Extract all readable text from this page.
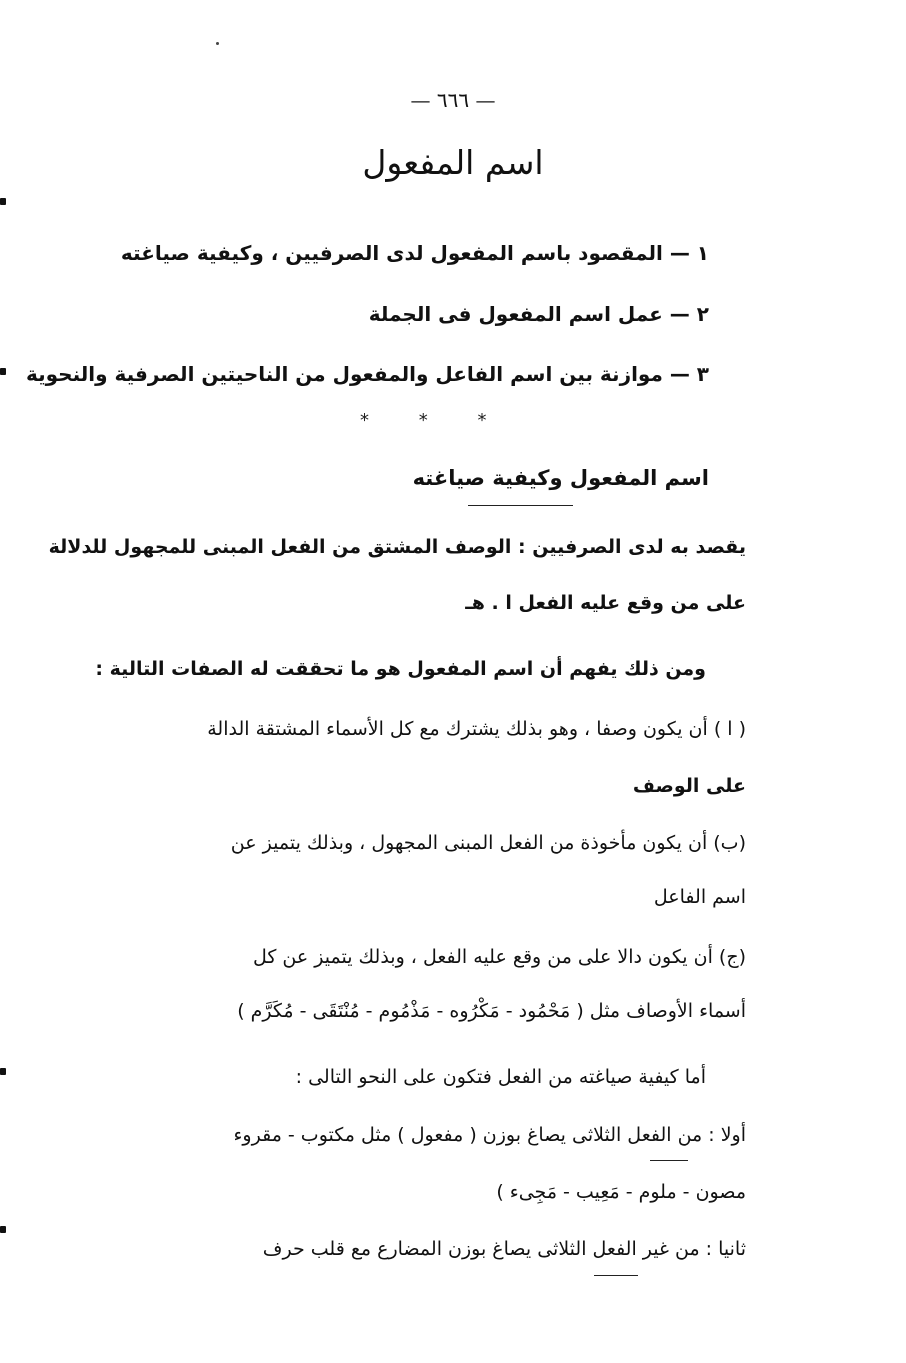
— ٦٦٦ —
اسم المفعول
١ — المقصود باسم المفعول لدى الصرفيين ، وكيفية صياغته
٢ — عمل اسم المفعول فى الجملة
٣ — موازنة بين اسم الفاعل والمفعول من الناحيتين الصرفية والنحوية
* * *
اسم المفعول وكيفية صياغته
يقصد به لدى الصرفيين : الوصف المشتق من الفعل المبنى للمجهول للدلالة
على من وقع عليه الفعل ا . هـ
ومن ذلك يفهم أن اسم المفعول هو ما تحققت له الصفات التالية :
( ا ) أن يكون وصفا ، وهو بذلك يشترك مع كل الأسماء المشتقة الدالة
على الوصف
(ب) أن يكون مأخوذة من الفعل المبنى المجهول ، وبذلك يتميز عن
اسم الفاعل
(ج) أن يكون دالا على من وقع عليه الفعل ، وبذلك يتميز عن كل
أسماء الأوصاف مثل ( مَحْمُود - مَكْرُوه - مَذْمُوم - مُنْتَقَى - مُكَرَّم )
أما كيفية صياغته من الفعل فتكون على النحو التالى :
أولا : من الفعل الثلاثى يصاغ بوزن ( مفعول ) مثل مكتوب - مقروء
مصون - ملوم - مَعِيب - مَجِىء )
ثانيا : من غير الفعل الثلاثى يصاغ بوزن المضارع مع قلب حرف
